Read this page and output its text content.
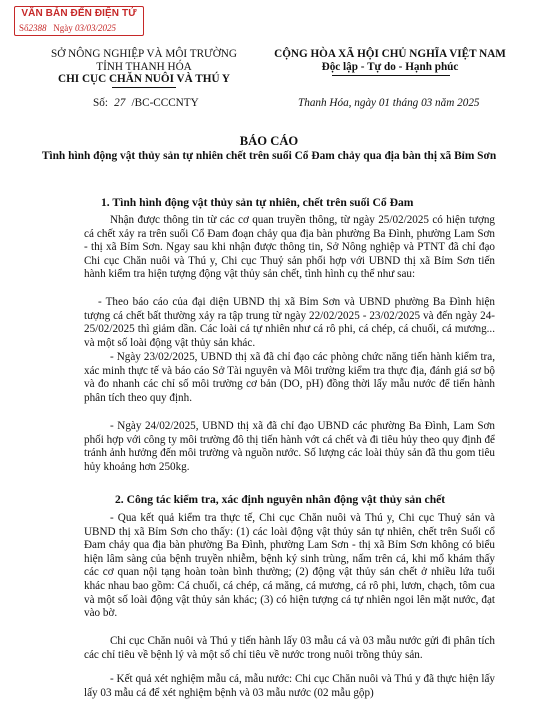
VĂN BẢN ĐẾN ĐIỆN TỬ
Số2388 Ngày 03/03/2025
SỞ NÔNG NGHIỆP VÀ MÔI TRƯỜNG
TỈNH THANH HÓA
CHI CỤC CHĂN NUÔI VÀ THÚ Y
CỘNG HÒA XÃ HỘI CHỦ NGHĨA VIỆT NAM
Độc lập - Tự do - Hạnh phúc
Số: 27 /BC-CCCNTY	Thanh Hóa, ngày 01 tháng 03 năm 2025
BÁO CÁO
Tình hình động vật thủy sản tự nhiên chết trên suối Cổ Đam chảy qua địa bàn thị xã Bỉm Sơn
1. Tình hình động vật thủy sản tự nhiên, chết trên suối Cổ Đam

Nhận được thông tin từ các cơ quan truyền thông, từ ngày 25/02/2025 có hiện tượng cá chết xảy ra trên suối Cổ Đam đoạn chảy qua địa bàn phường Ba Đình, phường Lam Sơn - thị xã Bỉm Sơn. Ngay sau khi nhận được thông tin, Sở Nông nghiệp và PTNT đã chỉ đạo Chi cục Chăn nuôi và Thú y, Chi cục Thuỷ sản phối hợp với UBND thị xã Bỉm Sơn tiến hành kiểm tra hiện tượng động vật thủy sản chết, tình hình cụ thể như sau:

- Theo báo cáo của đại diện UBND thị xã Bỉm Sơn và UBND phường Ba Đình hiện tượng cá chết bất thường xảy ra tập trung từ ngày 22/02/2025 - 23/02/2025 và đến ngày 24-25/02/2025 thì giảm dần. Các loài cá tự nhiên như cá rô phi, cá chép, cá chuối, cá mương... và một số loài động vật thủy sản khác.

- Ngày 23/02/2025, UBND thị xã đã chỉ đạo các phòng chức năng tiến hành kiểm tra, xác minh thực tế và báo cáo Sở Tài nguyên và Môi trường kiểm tra thực địa, đánh giá sơ bộ và đo nhanh các chỉ số môi trường cơ bản (DO, pH) đồng thời lấy mẫu nước để tiến hành phân tích theo quy định.

- Ngày 24/02/2025, UBND thị xã đã chỉ đạo UBND các phường Ba Đình, Lam Sơn phối hợp với công ty môi trường đô thị tiến hành vớt cá chết và đi tiêu hủy theo quy định để tránh ảnh hưởng đến môi trường và nguồn nước. Số lượng các loài thủy sản đã thu gom tiêu hủy khoảng hơn 250kg.

2. Công tác kiểm tra, xác định nguyên nhân động vật thủy sản chết

- Qua kết quả kiểm tra thực tế, Chi cục Chăn nuôi và Thú y, Chi cục Thuỷ sản và UBND thị xã Bỉm Sơn cho thấy: (1) các loài động vật thủy sản tự nhiên, chết trên Suối cổ Đam chảy qua địa bàn phường Ba Đình, phường Lam Sơn - thị xã Bỉm Sơn không có biểu hiện lâm sàng của bệnh truyền nhiễm, bệnh ký sinh trùng, nấm trên cá, khi mổ khám thấy các cơ quan nội tạng hoàn toàn bình thường; (2) động vật thủy sản chết ở nhiều lứa tuổi khác nhau bao gồm: Cá chuối, cá chép, cá măng, cá mương, cá rô phi, lươn, chạch, tôm cua và một số loài động vật thủy sản khác; (3) có hiện tượng cá tự nhiên ngoi lên mặt nước, đạt vào bờ.

Chi cục Chăn nuôi và Thú y tiến hành lấy 03 mẫu cá và 03 mẫu nước gửi đi phân tích các chỉ tiêu về bệnh lý và một số chỉ tiêu về nước trong nuôi trồng thủy sản.

- Kết quả xét nghiệm mẫu cá, mẫu nước: Chi cục Chăn nuôi và Thú y đã thực hiện lấy lấy 03 mẫu cá để xét nghiệm bệnh và 03 mẫu nước (02 mẫu gộp)
